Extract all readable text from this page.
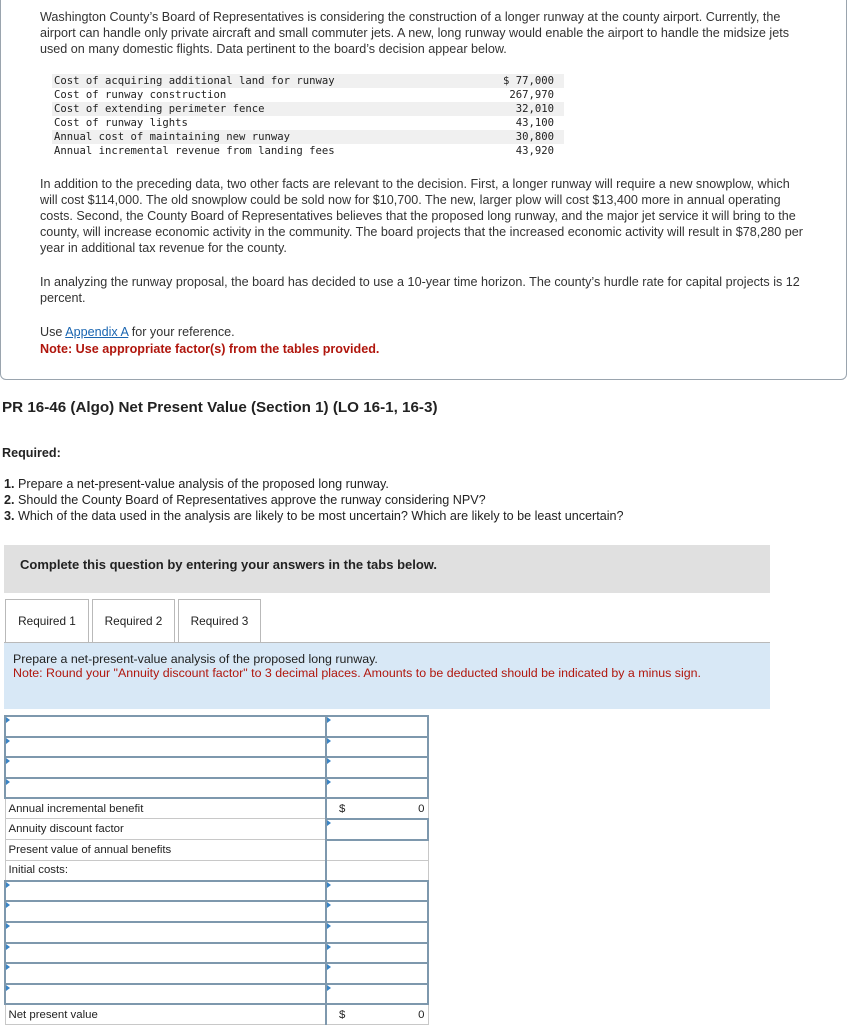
Washington County’s Board of Representatives is considering the construction of a longer runway at the county airport. Currently, the airport can handle only private aircraft and small commuter jets. A new, long runway would enable the airport to handle the midsize jets used on many domestic flights. Data pertinent to the board’s decision appear below.
Cost of acquiring additional land for runway	$ 77,000
Cost of runway construction	267,970
Cost of extending perimeter fence	32,010
Cost of runway lights	43,100
Annual cost of maintaining new runway	30,800
Annual incremental revenue from landing fees	43,920
In addition to the preceding data, two other facts are relevant to the decision. First, a longer runway will require a new snowplow, which will cost $114,000. The old snowplow could be sold now for $10,700. The new, larger plow will cost $13,400 more in annual operating costs. Second, the County Board of Representatives believes that the proposed long runway, and the major jet service it will bring to the county, will increase economic activity in the community. The board projects that the increased economic activity will result in $78,280 per year in additional tax revenue for the county.
In analyzing the runway proposal, the board has decided to use a 10-year time horizon. The county’s hurdle rate for capital projects is 12 percent.
Use Appendix A for your reference.
Note: Use appropriate factor(s) from the tables provided.
PR 16-46 (Algo) Net Present Value (Section 1) (LO 16-1, 16-3)
Required:
1. Prepare a net-present-value analysis of the proposed long runway.
2. Should the County Board of Representatives approve the runway considering NPV?
3. Which of the data used in the analysis are likely to be most uncertain? Which are likely to be least uncertain?
Complete this question by entering your answers in the tabs below.
Required 1	Required 2	Required 3
Prepare a net-present-value analysis of the proposed long runway.
Note: Round your "Annuity discount factor" to 3 decimal places. Amounts to be deducted should be indicated by a minus sign.

Annual incremental benefit	$ 0

Annuity discount factor	
Present value of annual benefits	
Initial costs:	

Net present value	$ 0
